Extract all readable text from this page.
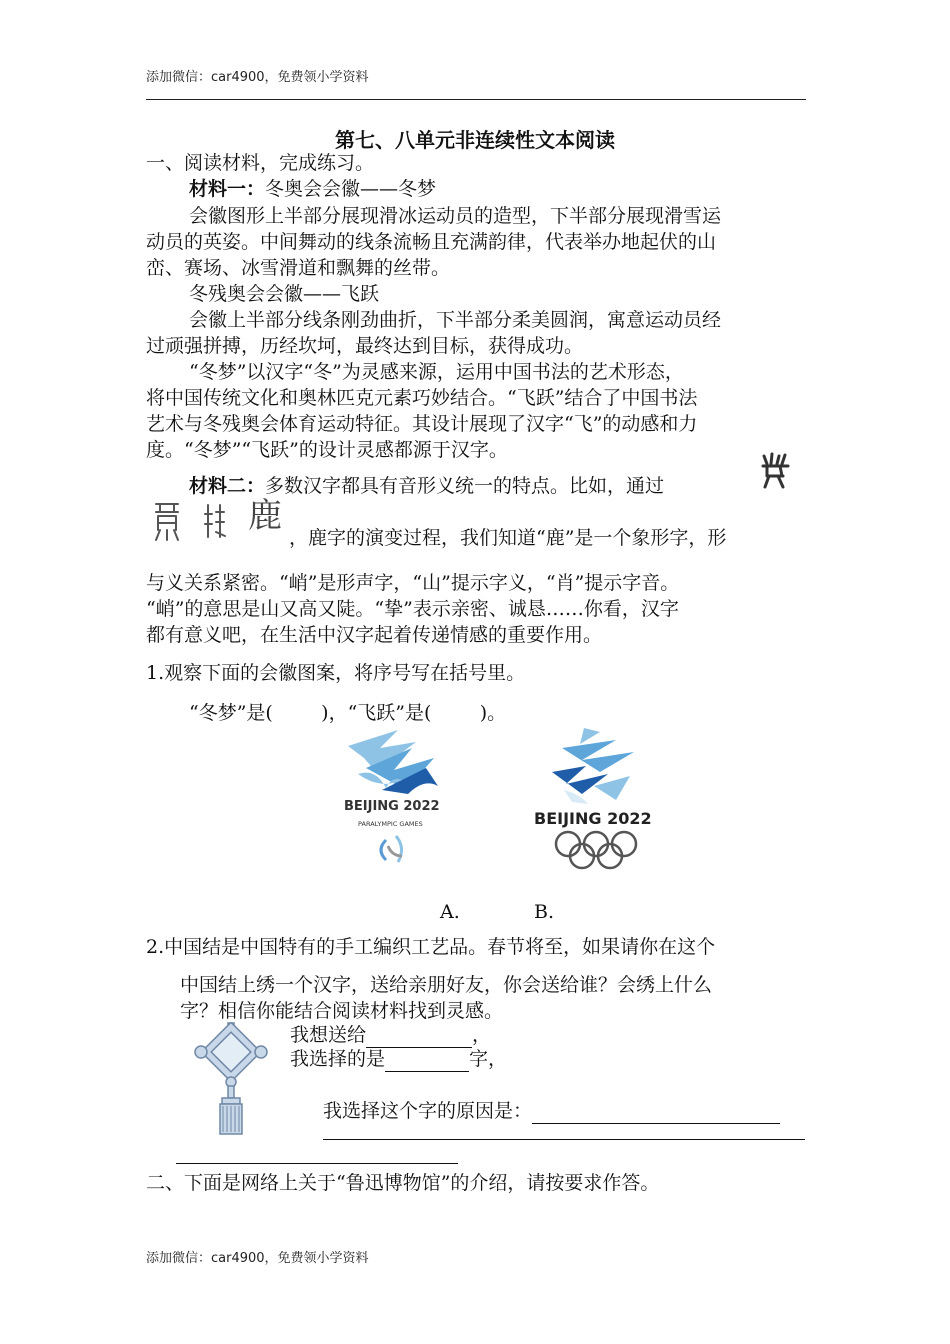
添加微信：car4900，免费领小学资料
第七、八单元非连续性文本阅读
一、阅读材料，完成练习。
材料一：冬奥会会徽——冬梦
会徽图形上半部分展现滑冰运动员的造型，下半部分展现滑雪运
动员的英姿。中间舞动的线条流畅且充满韵律，代表举办地起伏的山
峦、赛场、冰雪滑道和飘舞的丝带。
冬残奥会会徽——飞跃
会徽上半部分线条刚劲曲折，下半部分柔美圆润，寓意运动员经
过顽强拼搏，历经坎坷，最终达到目标，获得成功。
“冬梦”以汉字“冬”为灵感来源，运用中国书法的艺术形态，
将中国传统文化和奥林匹克元素巧妙结合。“飞跃”结合了中国书法
艺术与冬残奥会体育运动特征。其设计展现了汉字“飞”的动感和力
度。“冬梦”“飞跃”的设计灵感都源于汉字。
材料二：多数汉字都具有音形义统一的特点。比如，通过
鹿
，鹿字的演变过程，我们知道“鹿”是一个象形字，形
与义关系紧密。“峭”是形声字，“山”提示字义，“肖”提示字音。
“峭”的意思是山又高又陡。“挚”表示亲密、诚恳……你看，汉字
都有意义吧，在生活中汉字起着传递情感的重要作用。
1.观察下面的会徽图案，将序号写在括号里。
“冬梦”是(        )，“飞跃”是(        )。
BEIJING 2022
PARALYMPIC GAMES	BEIJING 2022
A.	B.
2.中国结是中国特有的手工编织工艺品。春节将至，如果请你在这个
中国结上绣一个汉字，送给亲朋好友，你会送给谁？会绣上什么
字？相信你能结合阅读材料找到灵感。
我想送给	，
我选择的是	字，
我选择这个字的原因是：
二、下面是网络上关于“鲁迅博物馆”的介绍，请按要求作答。
添加微信：car4900，免费领小学资料
